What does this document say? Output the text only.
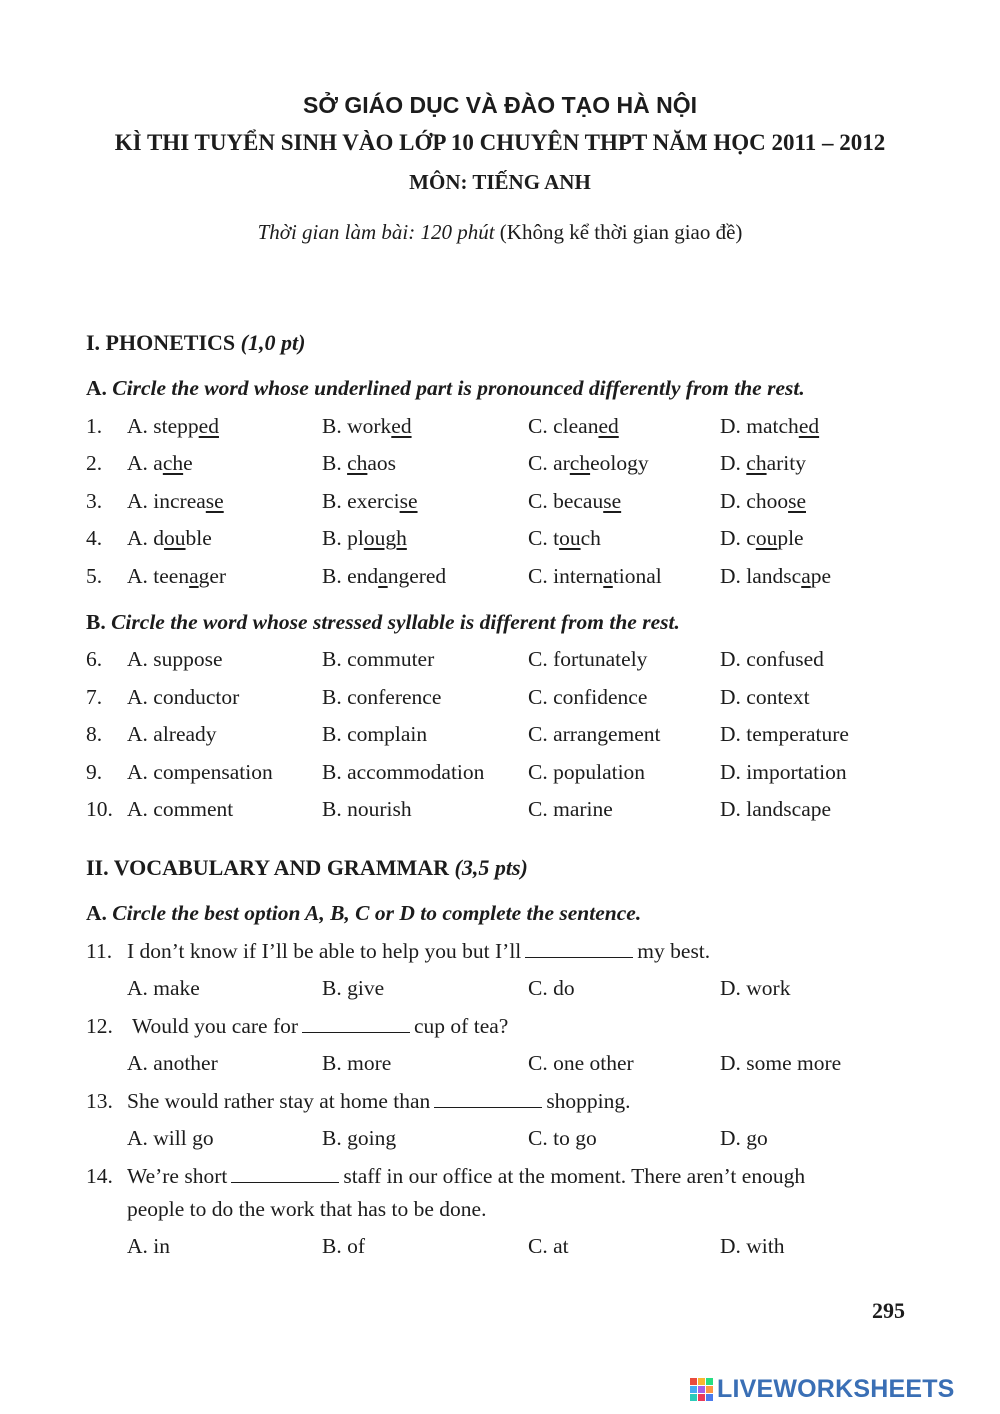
SỞ GIÁO DỤC VÀ ĐÀO TẠO HÀ NỘI
KÌ THI TUYỂN SINH VÀO LỚP 10 CHUYÊN THPT NĂM HỌC 2011 – 2012
MÔN: TIẾNG ANH
Thời gian làm bài: 120 phút (Không kể thời gian giao đề)
I. PHONETICS (1,0 pt)
A. Circle the word whose underlined part is pronounced differently from the rest.
1. A. stepped	B. worked	C. cleaned	D. matched
2. A. ache	B. chaos	C. archeology	D. charity
3. A. increase	B. exercise	C. because	D. choose
4. A. double	B. plough	C. touch	D. couple
5. A. teenager	B. endangered	C. international	D. landscape
B. Circle the word whose stressed syllable is different from the rest.
6. A. suppose	B. commuter	C. fortunately	D. confused
7. A. conductor	B. conference	C. confidence	D. context
8. A. already	B. complain	C. arrangement	D. temperature
9. A. compensation B. accommodation C. population	D. importation
10. A. comment	B. nourish	C. marine	D. landscape
II. VOCABULARY AND GRAMMAR (3,5 pts)
A. Circle the best option A, B, C or D to complete the sentence.
11. I don’t know if I’ll be able to help you but I’ll	my best.
A. make	B. give	C. do	D. work
12. Would you care for	cup of tea?
A. another	B. more	C. one other	D. some more
13. She would rather stay at home than	shopping.
A. will go	B. going	C. to go	D. go
14. We’re short	staff in our office at the moment. There aren’t enough
people to do the work that has to be done.
A. in	B. of	C. at	D. with
295
LIVEWORKSHEETS
